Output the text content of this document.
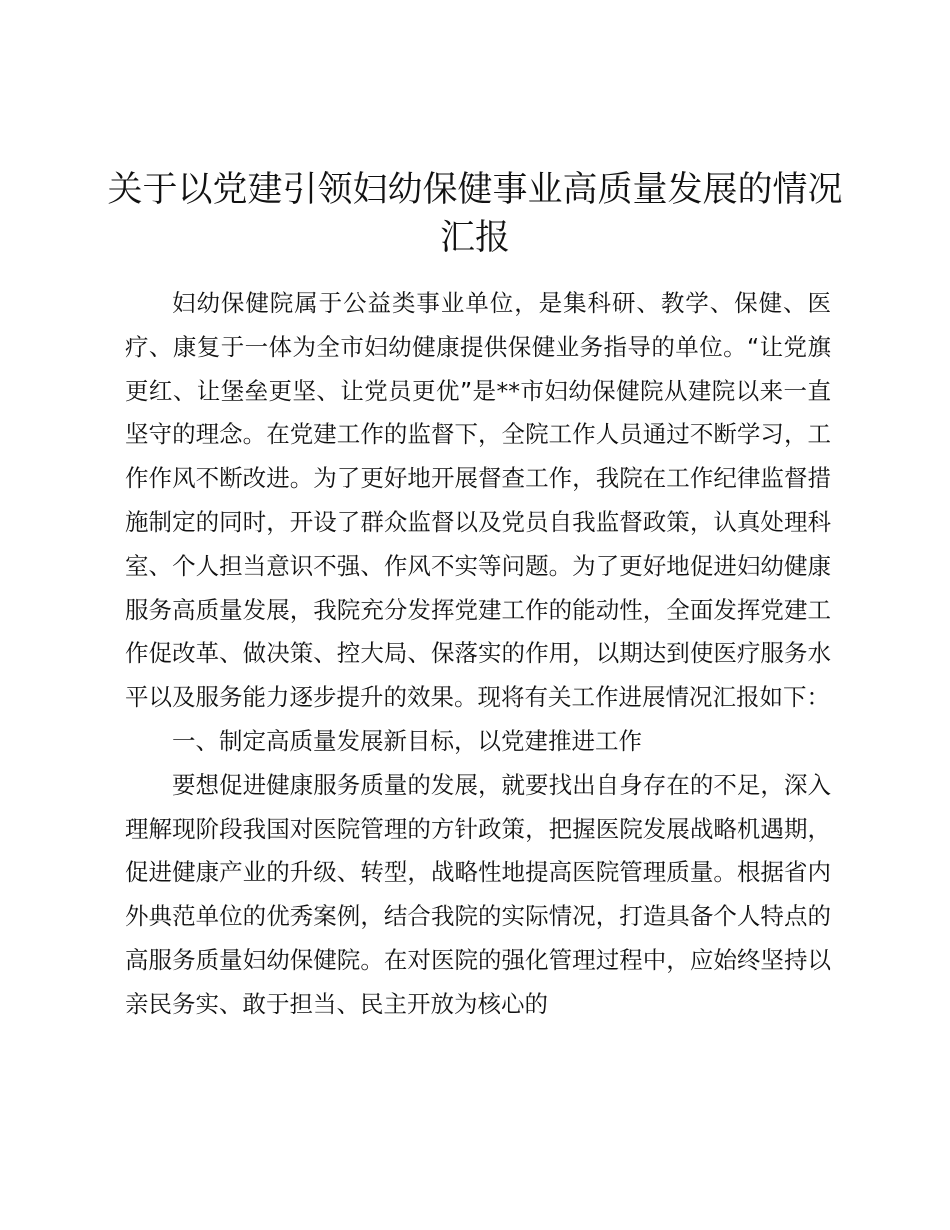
关于以党建引领妇幼保健事业高质量发展的情况汇报

妇幼保健院属于公益类事业单位，是集科研、教学、保健、医疗、康复于一体为全市妇幼健康提供保健业务指导的单位。“让党旗更红、让堡垒更坚、让党员更优”是**市妇幼保健院从建院以来一直坚守的理念。在党建工作的监督下，全院工作人员通过不断学习，工作作风不断改进。为了更好地开展督查工作，我院在工作纪律监督措施制定的同时，开设了群众监督以及党员自我监督政策，认真处理科室、个人担当意识不强、作风不实等问题。为了更好地促进妇幼健康服务高质量发展，我院充分发挥党建工作的能动性，全面发挥党建工作促改革、做决策、控大局、保落实的作用，以期达到使医疗服务水平以及服务能力逐步提升的效果。现将有关工作进展情况汇报如下：

一、制定高质量发展新目标，以党建推进工作

要想促进健康服务质量的发展，就要找出自身存在的不足，深入理解现阶段我国对医院管理的方针政策，把握医院发展战略机遇期，促进健康产业的升级、转型，战略性地提高医院管理质量。根据省内外典范单位的优秀案例，结合我院的实际情况，打造具备个人特点的高服务质量妇幼保健院。在对医院的强化管理过程中，应始终坚持以亲民务实、敢于担当、民主开放为核心的
